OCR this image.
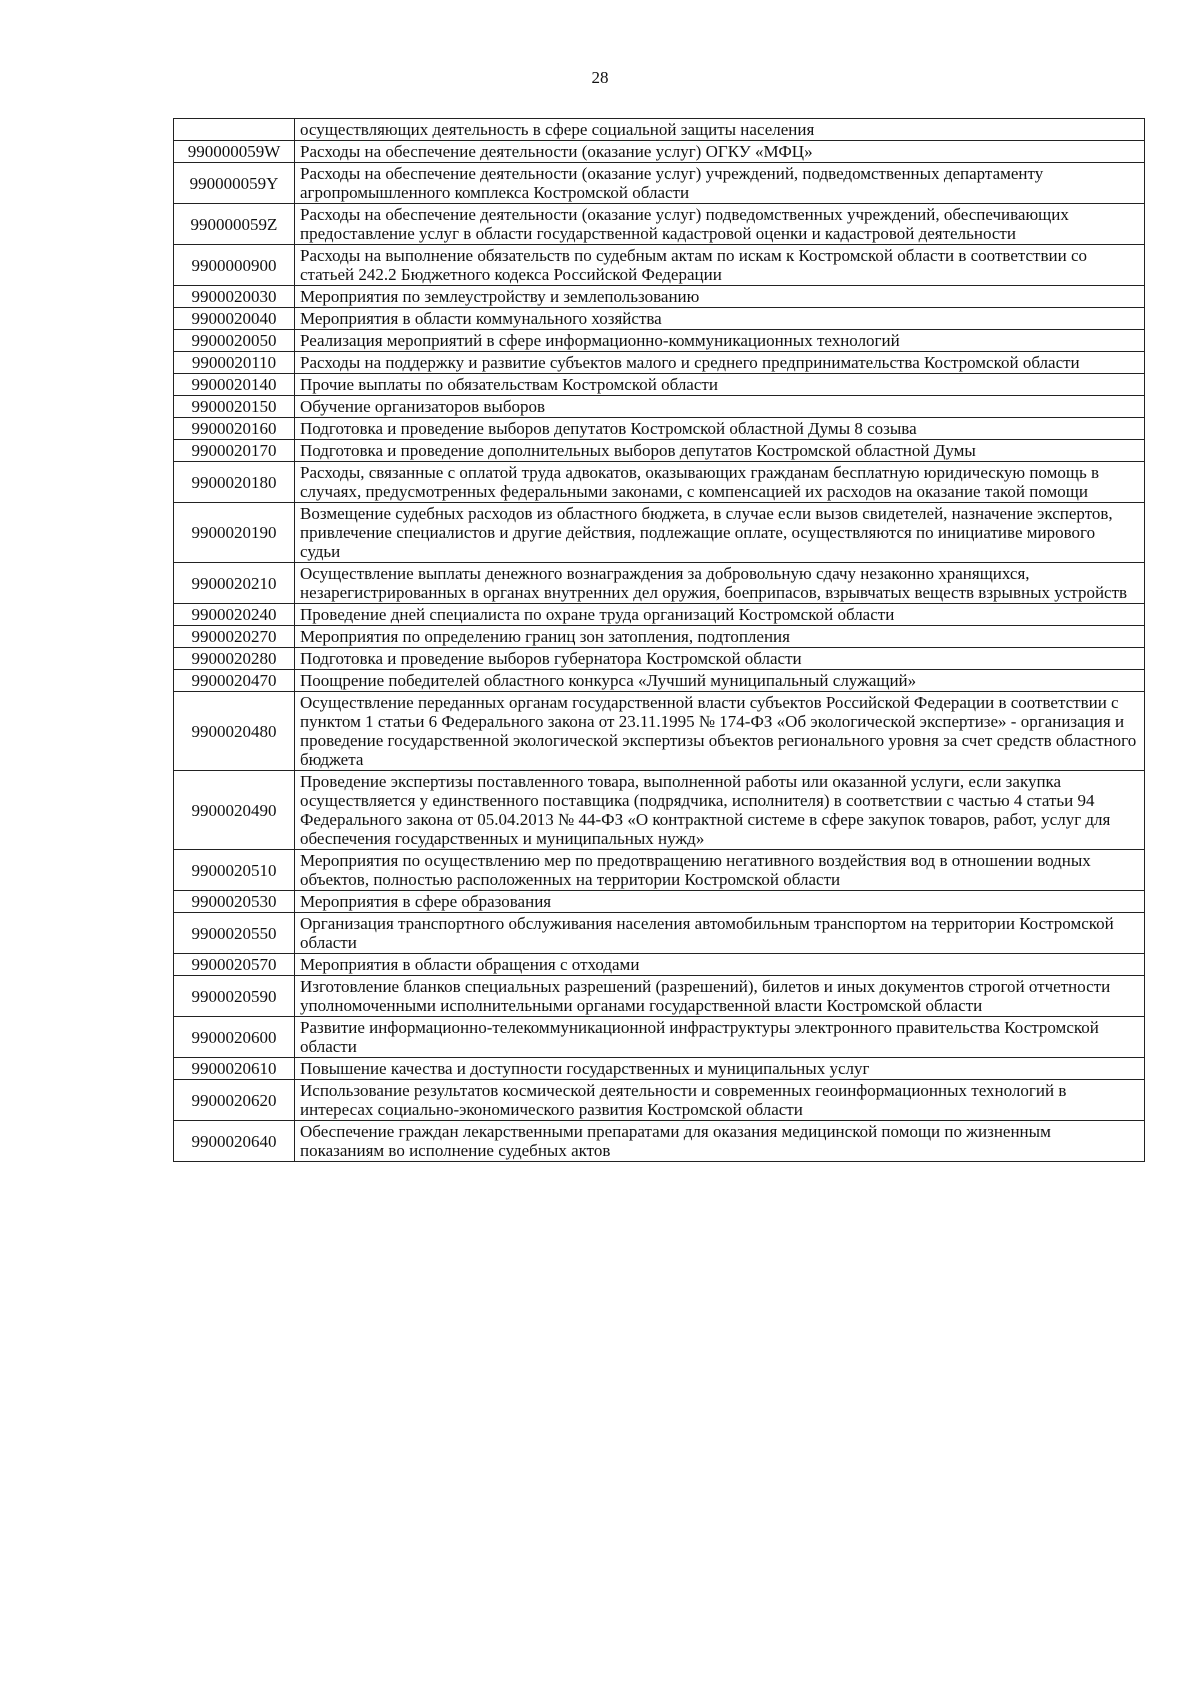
28
	осуществляющих деятельность в сфере социальной защиты населения
990000059W	Расходы на обеспечение деятельности (оказание услуг) ОГКУ «МФЦ»
990000059Y	Расходы на обеспечение деятельности (оказание услуг) учреждений, подведомственных департаменту агропромышленного комплекса Костромской области
990000059Z	Расходы на обеспечение деятельности (оказание услуг) подведомственных учреждений, обеспечивающих предоставление услуг в области государственной кадастровой оценки и кадастровой деятельности
9900000900	Расходы на выполнение обязательств по судебным актам по искам к Костромской области в соответствии со статьей 242.2 Бюджетного кодекса Российской Федерации
9900020030	Мероприятия по землеустройству и землепользованию
9900020040	Мероприятия в области коммунального хозяйства
9900020050	Реализация мероприятий в сфере информационно-коммуникационных технологий
9900020110	Расходы на поддержку и развитие субъектов малого и среднего предпринимательства Костромской области
9900020140	Прочие выплаты по обязательствам Костромской области
9900020150	Обучение организаторов выборов
9900020160	Подготовка и проведение выборов депутатов Костромской областной Думы 8 созыва
9900020170	Подготовка и проведение дополнительных выборов депутатов Костромской областной Думы
9900020180	Расходы, связанные с оплатой труда адвокатов, оказывающих гражданам бесплатную юридическую помощь в случаях, предусмотренных федеральными законами, с компенсацией их расходов на оказание такой помощи
9900020190	Возмещение судебных расходов из областного бюджета, в случае если вызов свидетелей, назначение экспертов, привлечение специалистов и другие действия, подлежащие оплате, осуществляются по инициативе мирового судьи
9900020210	Осуществление выплаты денежного вознаграждения за добровольную сдачу незаконно хранящихся, незарегистрированных в органах внутренних дел оружия, боеприпасов, взрывчатых веществ взрывных устройств
9900020240	Проведение дней специалиста по охране труда организаций Костромской области
9900020270	Мероприятия по определению границ зон затопления, подтопления
9900020280	Подготовка и проведение выборов губернатора Костромской области
9900020470	Поощрение победителей областного конкурса «Лучший муниципальный служащий»
9900020480	Осуществление переданных органам государственной власти субъектов Российской Федерации в соответствии с пунктом 1 статьи 6 Федерального закона от 23.11.1995 № 174-ФЗ «Об экологической экспертизе» - организация и проведение государственной экологической экспертизы объектов регионального уровня за счет средств областного бюджета
9900020490	Проведение экспертизы поставленного товара, выполненной работы или оказанной услуги, если закупка осуществляется у единственного поставщика (подрядчика, исполнителя) в соответствии с частью 4 статьи 94 Федерального закона от 05.04.2013 № 44-ФЗ «О контрактной системе в сфере закупок товаров, работ, услуг для обеспечения государственных и муниципальных нужд»
9900020510	Мероприятия по осуществлению мер по предотвращению негативного воздействия вод в отношении водных объектов, полностью расположенных на территории Костромской области
9900020530	Мероприятия в сфере образования
9900020550	Организация транспортного обслуживания населения автомобильным транспортом на территории Костромской области
9900020570	Мероприятия в области обращения с отходами
9900020590	Изготовление бланков специальных разрешений (разрешений), билетов и иных документов строгой отчетности уполномоченными исполнительными органами государственной власти Костромской области
9900020600	Развитие информационно-телекоммуникационной инфраструктуры электронного правительства Костромской области
9900020610	Повышение качества и доступности государственных и муниципальных услуг
9900020620	Использование результатов космической деятельности и современных геоинформационных технологий в интересах социально-экономического развития Костромской области
9900020640	Обеспечение граждан лекарственными препаратами для оказания медицинской помощи по жизненным показаниям во исполнение судебных актов
